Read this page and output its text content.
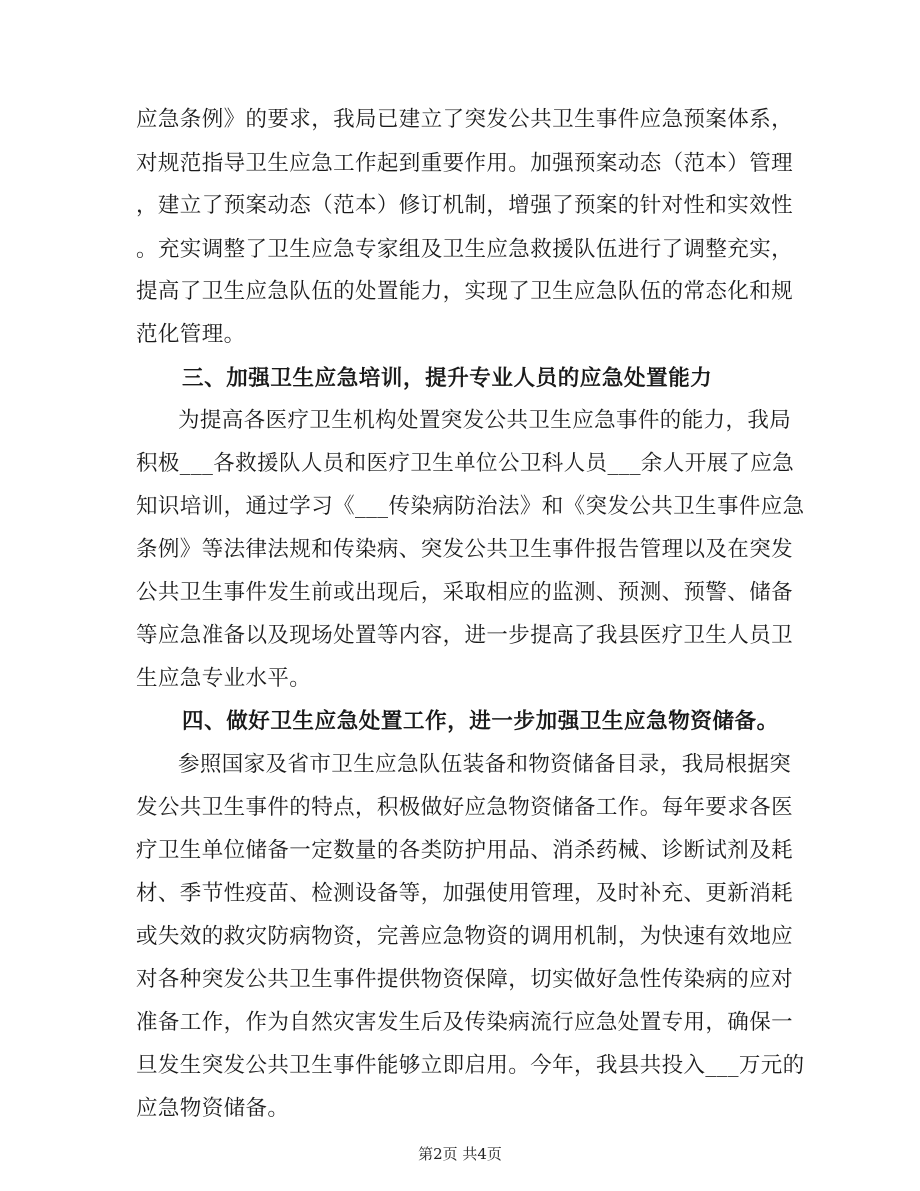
应急条例》的要求，我局已建立了突发公共卫生事件应急预案体系，
对规范指导卫生应急工作起到重要作用。加强预案动态（范本）管理
，建立了预案动态（范本）修订机制，增强了预案的针对性和实效性
。充实调整了卫生应急专家组及卫生应急救援队伍进行了调整充实，
提高了卫生应急队伍的处置能力，实现了卫生应急队伍的常态化和规
范化管理。
三、加强卫生应急培训，提升专业人员的应急处置能力
为提高各医疗卫生机构处置突发公共卫生应急事件的能力，我局
积极___各救援队人员和医疗卫生单位公卫科人员___余人开展了应急
知识培训，通过学习《___传染病防治法》和《突发公共卫生事件应急
条例》等法律法规和传染病、突发公共卫生事件报告管理以及在突发
公共卫生事件发生前或出现后，采取相应的监测、预测、预警、储备
等应急准备以及现场处置等内容，进一步提高了我县医疗卫生人员卫
生应急专业水平。
四、做好卫生应急处置工作，进一步加强卫生应急物资储备。
参照国家及省市卫生应急队伍装备和物资储备目录，我局根据突
发公共卫生事件的特点，积极做好应急物资储备工作。每年要求各医
疗卫生单位储备一定数量的各类防护用品、消杀药械、诊断试剂及耗
材、季节性疫苗、检测设备等，加强使用管理，及时补充、更新消耗
或失效的救灾防病物资，完善应急物资的调用机制，为快速有效地应
对各种突发公共卫生事件提供物资保障，切实做好急性传染病的应对
准备工作，作为自然灾害发生后及传染病流行应急处置专用，确保一
旦发生突发公共卫生事件能够立即启用。今年，我县共投入___万元的
应急物资储备。
第2页 共4页
